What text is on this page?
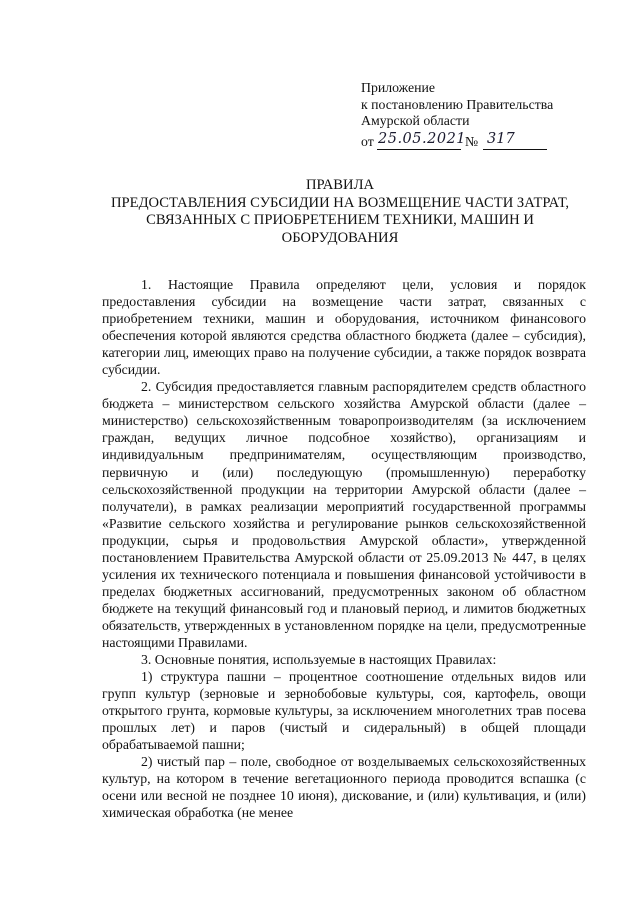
Приложение
к постановлению Правительства
Амурской области
от 25.05.2021
№ 317
ПРАВИЛА
ПРЕДОСТАВЛЕНИЯ СУБСИДИИ НА ВОЗМЕЩЕНИЕ ЧАСТИ ЗАТРАТ,
СВЯЗАННЫХ С ПРИОБРЕТЕНИЕМ ТЕХНИКИ, МАШИН И
ОБОРУДОВАНИЯ

1. Настоящие Правила определяют цели, условия и порядок предоставления субсидии на возмещение части затрат, связанных с приобретением техники, машин и оборудования, источником финансового обеспечения которой являются средства областного бюджета (далее – субсидия), категории лиц, имеющих право на получение субсидии, а также порядок возврата субсидии.

2. Субсидия предоставляется главным распорядителем средств областного бюджета – министерством сельского хозяйства Амурской области (далее – министерство) сельскохозяйственным товаропроизводителям (за исключением граждан, ведущих личное подсобное хозяйство), организациям и индивидуальным предпринимателям, осуществляющим производство, первичную и (или) последующую (промышленную) переработку сельскохозяйственной продукции на территории Амурской области (далее – получатели), в рамках реализации мероприятий государственной программы «Развитие сельского хозяйства и регулирование рынков сельскохозяйственной продукции, сырья и продовольствия Амурской области», утвержденной постановлением Правительства Амурской области от 25.09.2013 № 447, в целях усиления их технического потенциала и повышения финансовой устойчивости в пределах бюджетных ассигнований, предусмотренных законом об областном бюджете на текущий финансовый год и плановый период, и лимитов бюджетных обязательств, утвержденных в установленном порядке на цели, предусмотренные настоящими Правилами.

3. Основные понятия, используемые в настоящих Правилах:

1) структура пашни – процентное соотношение отдельных видов или групп культур (зерновые и зернобобовые культуры, соя, картофель, овощи открытого грунта, кормовые культуры, за исключением многолетних трав посева прошлых лет) и паров (чистый и сидеральный) в общей площади обрабатываемой пашни;

2) чистый пар – поле, свободное от возделываемых сельскохозяйственных культур, на котором в течение вегетационного периода проводится вспашка (с осени или весной не позднее 10 июня), дискование, и (или) культивация, и (или) химическая обработка (не менее
